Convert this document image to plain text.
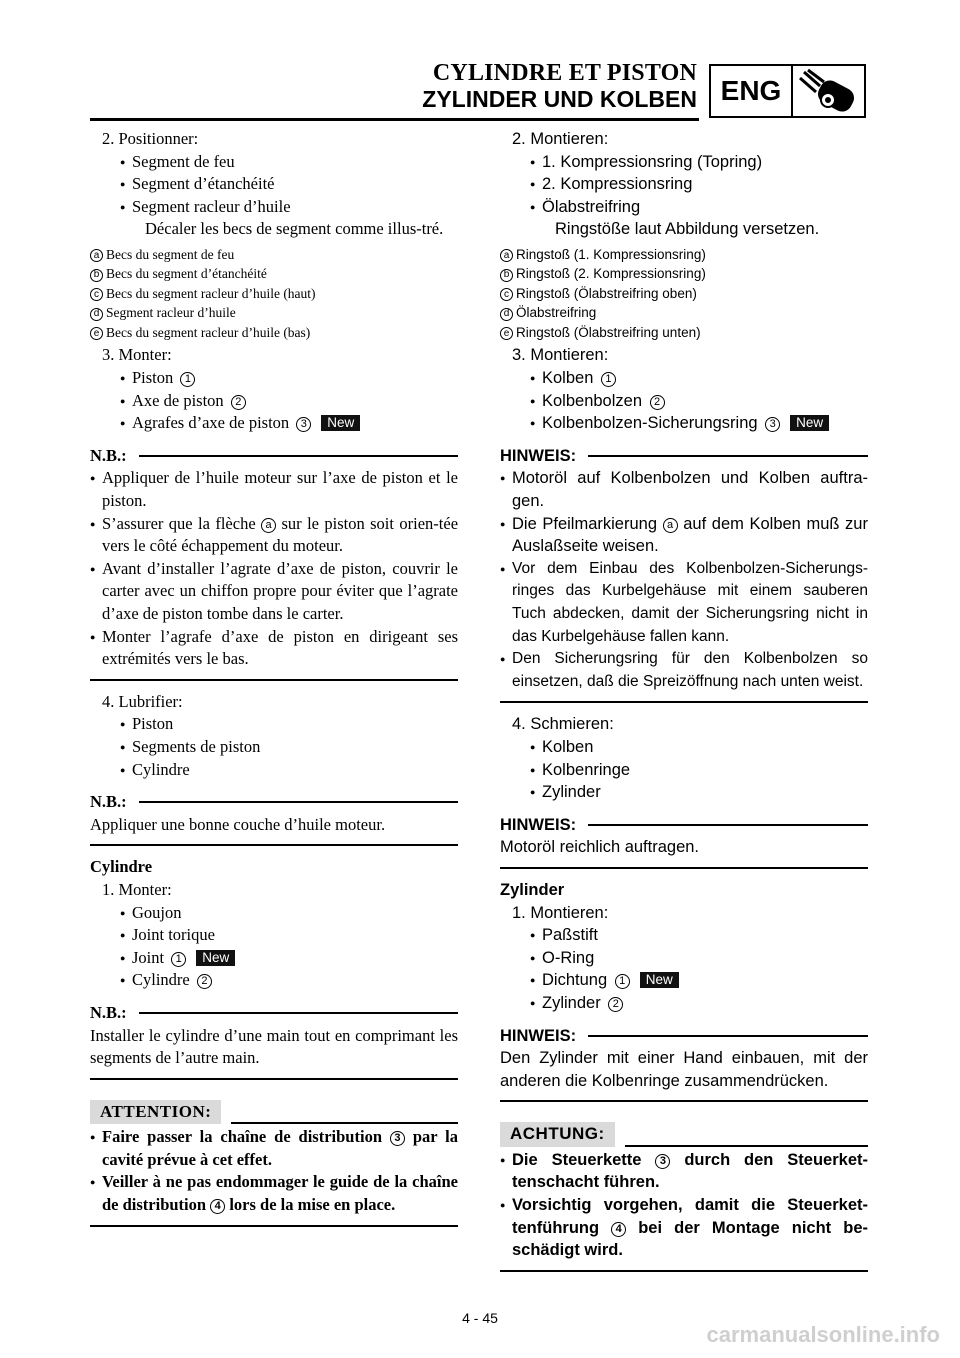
CYLINDRE ET PISTON
ZYLINDER UND KOLBEN ENG
2. Positionner:
● Segment de feu
● Segment d’étanchéité
● Segment racleur d’huile
Décaler les becs de segment comme illus-tré.
a Becs du segment de feu
b Becs du segment d’étanchéité
c Becs du segment racleur d’huile (haut)
d Segment racleur d’huile
e Becs du segment racleur d’huile (bas)
3. Monter:
● Piston 1
● Axe de piston 2
● Agrafes d’axe de piston 3 New
N.B.:
● Appliquer de l’huile moteur sur l’axe de piston et le piston.
● S’assurer que la flèche a sur le piston soit orien-tée vers le côté échappement du moteur.
● Avant d’installer l’agrate d’axe de piston, couvrir le carter avec un chiffon propre pour éviter que l’agrate d’axe de piston tombe dans le carter.
● Monter l’agrafe d’axe de piston en dirigeant ses extrémités vers le bas.
4. Lubrifier:
● Piston
● Segments de piston
● Cylindre
N.B.:
Appliquer une bonne couche d’huile moteur.
Cylindre
1. Monter:
● Goujon
● Joint torique
● Joint 1 New
● Cylindre 2
N.B.:
Installer le cylindre d’une main tout en comprimant les segments de l’autre main.
ATTENTION:
● Faire passer la chaîne de distribution 3 par la cavité prévue à cet effet.
● Veiller à ne pas endommager le guide de la chaîne de distribution 4 lors de la mise en place.
2. Montieren:
● 1. Kompressionsring (Topring)
● 2. Kompressionsring
● Ölabstreifring
Ringstöße laut Abbildung versetzen.
a Ringstoß (1. Kompressionsring)
b Ringstoß (2. Kompressionsring)
c Ringstoß (Ölabstreifring oben)
d Ölabstreifring
e Ringstoß (Ölabstreifring unten)
3. Montieren:
● Kolben 1
● Kolbenbolzen 2
● Kolbenbolzen-Sicherungsring 3 New
HINWEIS:
● Motoröl auf Kolbenbolzen und Kolben auftra-gen.
● Die Pfeilmarkierung a auf dem Kolben muß zur Auslaßseite weisen.
● Vor dem Einbau des Kolbenbolzen-Sicherungs-ringes das Kurbelgehäuse mit einem sauberen Tuch abdecken, damit der Sicherungsring nicht in das Kurbelgehäuse fallen kann.
● Den Sicherungsring für den Kolbenbolzen so einsetzen, daß die Spreizöffnung nach unten weist.
4. Schmieren:
● Kolben
● Kolbenringe
● Zylinder
HINWEIS:
Motoröl reichlich auftragen.
Zylinder
1. Montieren:
● Paßstift
● O-Ring
● Dichtung 1 New
● Zylinder 2
HINWEIS:
Den Zylinder mit einer Hand einbauen, mit der anderen die Kolbenringe zusammendrücken.
ACHTUNG:
● Die Steuerkette 3 durch den Steuerket-tenschacht führen.
● Vorsichtig vorgehen, damit die Steuerket-tenführung 4 bei der Montage nicht be-schädigt wird.
4 - 45
carmanualsonline.info
